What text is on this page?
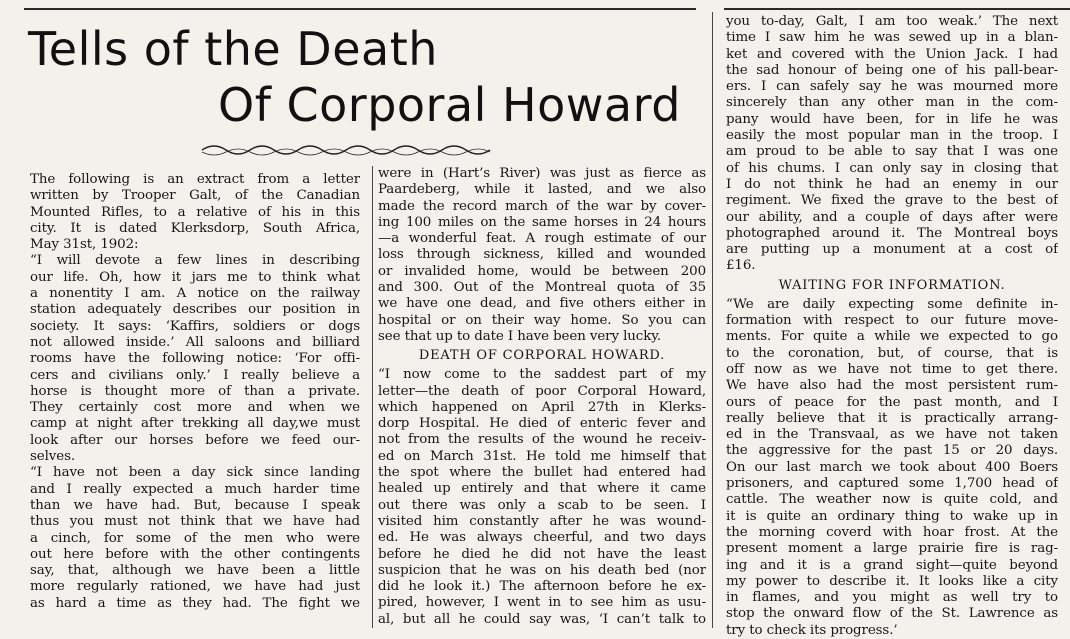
Tells of the Death
Of Corporal Howard
The following is an extract from a letter
written by Trooper Galt, of the Canadian
Mounted Rifles, to a relative of his in this
city. It is dated Klerksdorp, South Africa,
May 31st, 1902:
“I will devote a few lines in describing
our life. Oh, how it jars me to think what
a nonentity I am. A notice on the railway
station adequately describes our position in
society. It says: ‘Kaffirs, soldiers or dogs
not allowed inside.’ All saloons and billiard
rooms have the following notice: ‘For offi-
cers and civilians only.’ I really believe a
horse is thought more of than a private.
They certainly cost more and when we
camp at night after trekking all day,we must
look after our horses before we feed our-
selves.
“I have not been a day sick since landing
and I really expected a much harder time
than we have had. But, because I speak
thus you must not think that we have had
a cinch, for some of the men who were
out here before with the other contingents
say, that, although we have been a little
more regularly rationed, we have had just
as hard a time as they had. The fight we
were in (Hart’s River) was just as fierce as
Paardeberg, while it lasted, and we also
made the record march of the war by cover-
ing 100 miles on the same horses in 24 hours
—a wonderful feat. A rough estimate of our
loss through sickness, killed and wounded
or invalided home, would be between 200
and 300. Out of the Montreal quota of 35
we have one dead, and five others either in
hospital or on their way home. So you can
see that up to date I have been very lucky.
DEATH OF CORPORAL HOWARD.
“I now come to the saddest part of my
letter—the death of poor Corporal Howard,
which happened on April 27th in Klerks-
dorp Hospital. He died of enteric fever and
not from the results of the wound he receiv-
ed on March 31st. He told me himself that
the spot where the bullet had entered had
healed up entirely and that where it came
out there was only a scab to be seen. I
visited him constantly after he was wound-
ed. He was always cheerful, and two days
before he died he did not have the least
suspicion that he was on his death bed (nor
did he look it.) The afternoon before he ex-
pired, however, I went in to see him as usu-
al, but all he could say was, ‘I can’t talk to
you to-day, Galt, I am too weak.’ The next
time I saw him he was sewed up in a blan-
ket and covered with the Union Jack. I had
the sad honour of being one of his pall-bear-
ers. I can safely say he was mourned more
sincerely than any other man in the com-
pany would have been, for in life he was
easily the most popular man in the troop. I
am proud to be able to say that I was one
of his chums. I can only say in closing that
I do not think he had an enemy in our
regiment. We fixed the grave to the best of
our ability, and a couple of days after were
photographed around it. The Montreal boys
are putting up a monument at a cost of
£16.
WAITING FOR INFORMATION.
“We are daily expecting some definite in-
formation with respect to our future move-
ments. For quite a while we expected to go
to the coronation, but, of course, that is
off now as we have not time to get there.
We have also had the most persistent rum-
ours of peace for the past month, and I
really believe that it is practically arrang-
ed in the Transvaal, as we have not taken
the aggressive for the past 15 or 20 days.
On our last march we took about 400 Boers
prisoners, and captured some 1,700 head of
cattle. The weather now is quite cold, and
it is quite an ordinary thing to wake up in
the morning coverd with hoar frost. At the
present moment a large prairie fire is rag-
ing and it is a grand sight—quite beyond
my power to describe it. It looks like a city
in flames, and you might as well try to
stop the onward flow of the St. Lawrence as
try to check its progress.’
